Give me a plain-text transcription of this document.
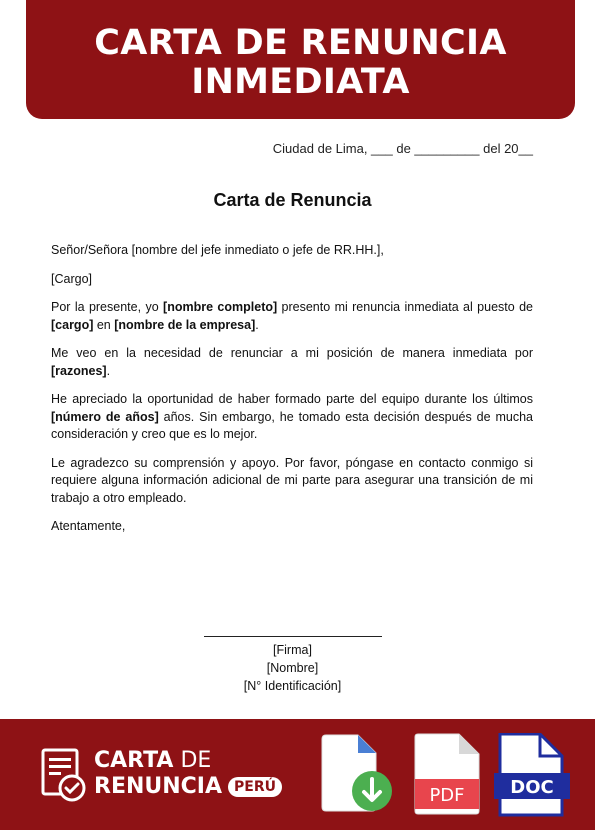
CARTA DE RENUNCIA
INMEDIATA
Ciudad de Lima, ___ de _________ del 20__
Carta de Renuncia

Señor/Señora [nombre del jefe inmediato o jefe de RR.HH.],

[Cargo]

Por la presente, yo [nombre completo] presento mi renuncia inmediata al puesto de [cargo] en [nombre de la empresa].

Me veo en la necesidad de renunciar a mi posición de manera inmediata por [razones].

He apreciado la oportunidad de haber formado parte del equipo durante los últimos [número de años] años. Sin embargo, he tomado esta decisión después de mucha consideración y creo que es lo mejor.

Le agradezco su comprensión y apoyo. Por favor, póngase en contacto conmigo si requiere alguna información adicional de mi parte para asegurar una transición de mi trabajo a otro empleado.

Atentamente,

[Firma]
[Nombre]
[N° Identificación]
CARTA DE
RENUNCIA PERÚ	PDF	DOC
